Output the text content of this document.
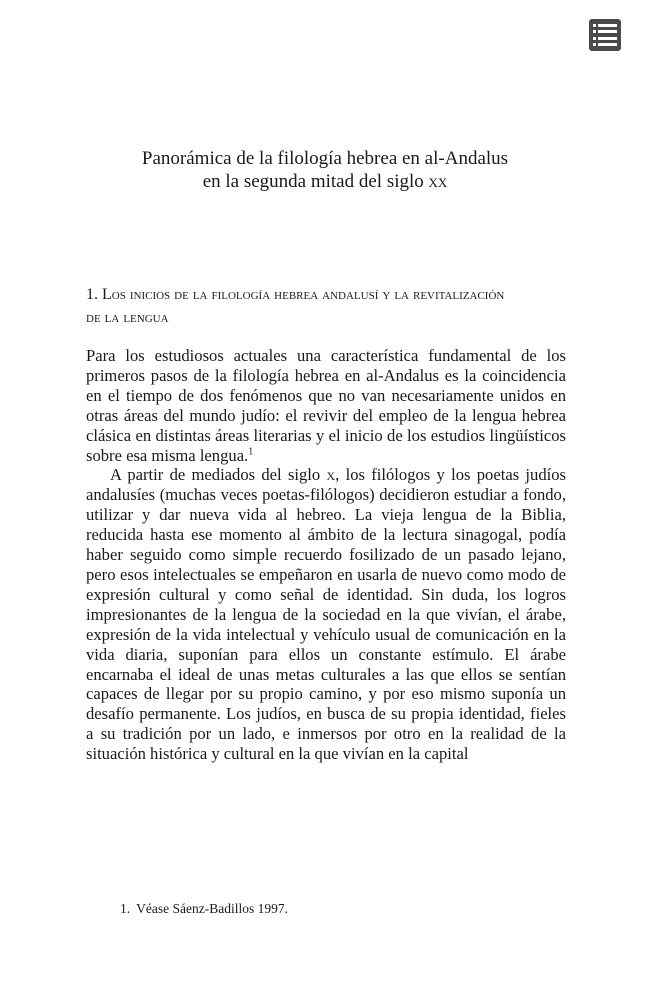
Panorámica de la filología hebrea en al-Andalus
en la segunda mitad del siglo xx
1. Los inicios de la filología hebrea andalusí y la revitalización
de la lengua

Para los estudiosos actuales una característica fundamental de los primeros pasos de la filología hebrea en al-Andalus es la coincidencia en el tiempo de dos fenómenos que no van necesariamente unidos en otras áreas del mundo judío: el revivir del empleo de la lengua hebrea clásica en distintas áreas literarias y el inicio de los estudios lingüísticos sobre esa misma lengua.$^1$

A partir de mediados del siglo x, los filólogos y los poetas judíos andalusíes (muchas veces poetas-filólogos) decidieron estudiar a fondo, utilizar y dar nueva vida al hebreo. La vieja lengua de la Biblia, reducida hasta ese momento al ámbito de la lectura sinagogal, podía haber seguido como simple recuerdo fosilizado de un pasado lejano, pero esos intelectuales se empeñaron en usarla de nuevo como modo de expresión cultural y como señal de identidad. Sin duda, los logros impresionantes de la lengua de la sociedad en la que vivían, el árabe, expresión de la vida intelectual y vehículo usual de comunicación en la vida diaria, suponían para ellos un constante estímulo. El árabe encarnaba el ideal de unas metas culturales a las que ellos se sentían capaces de llegar por su propio camino, y por eso mismo suponía un desafío permanente. Los judíos, en busca de su propia identidad, fieles a su tradición por un lado, e inmersos por otro en la realidad de la situación histórica y cultural en la que vivían en la capital

1. Véase Sáenz-Badillos 1997.
